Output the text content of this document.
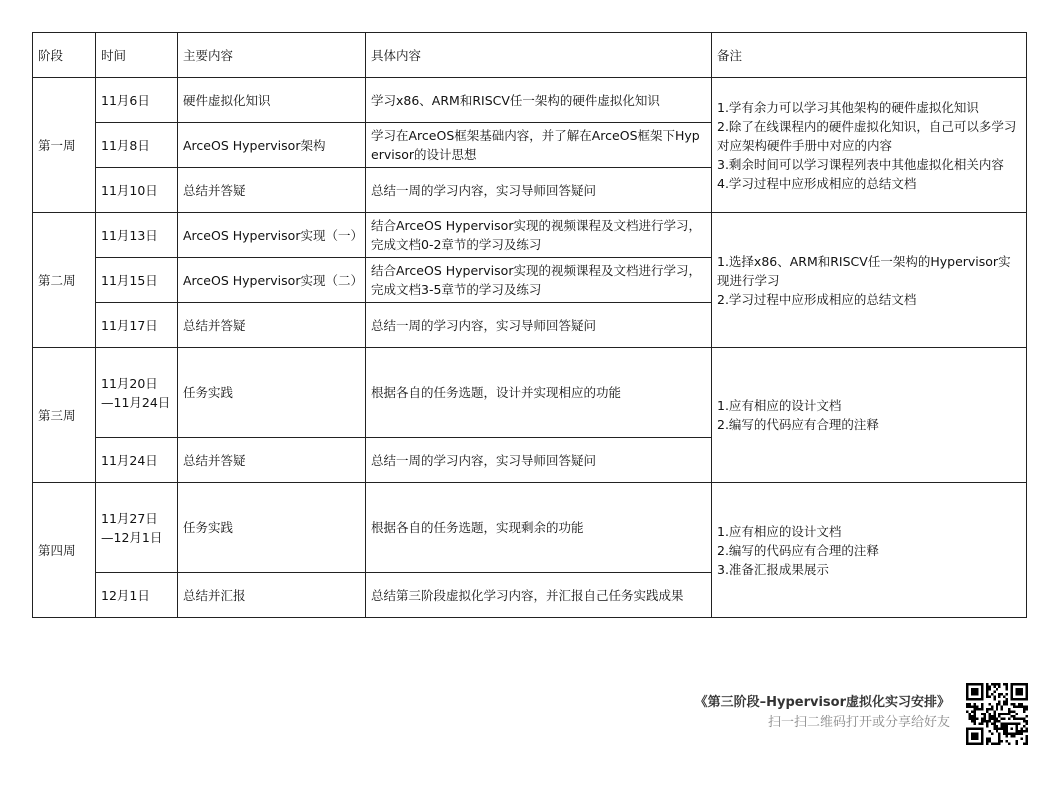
阶段	时间	主要内容	具体内容	备注
第一周	11月6日	硬件虚拟化知识	学习x86、ARM和RISCV任一架构的硬件虚拟化知识	1.学有余力可以学习其他架构的硬件虚拟化知识
2.除了在线课程内的硬件虚拟化知识，自己可以多学习对应架构硬件手册中对应的内容
3.剩余时间可以学习课程列表中其他虚拟化相关内容
4.学习过程中应形成相应的总结文档
	11月8日	ArceOS Hypervisor架构	学习在ArceOS框架基础内容，并了解在ArceOS框架下Hypervisor的设计思想	
	11月10日	总结并答疑	总结一周的学习内容，实习导师回答疑问	
第二周	11月13日	ArceOS Hypervisor实现（一）	结合ArceOS Hypervisor实现的视频课程及文档进行学习，完成文档0-2章节的学习及练习	1.选择x86、ARM和RISCV任一架构的Hypervisor实现进行学习
2.学习过程中应形成相应的总结文档
	11月15日	ArceOS Hypervisor实现（二）	结合ArceOS Hypervisor实现的视频课程及文档进行学习，完成文档3-5章节的学习及练习	
	11月17日	总结并答疑	总结一周的学习内容，实习导师回答疑问	
第三周	11月20日
—11月24日	任务实践	根据各自的任务选题，设计并实现相应的功能	1.应有相应的设计文档
2.编写的代码应有合理的注释
	11月24日	总结并答疑	总结一周的学习内容，实习导师回答疑问	
第四周	11月27日
—12月1日	任务实践	根据各自的任务选题，实现剩余的功能	1.应有相应的设计文档
2.编写的代码应有合理的注释
3.准备汇报成果展示
	12月1日	总结并汇报	总结第三阶段虚拟化学习内容，并汇报自己任务实践成果	
《第三阶段–Hypervisor虚拟化实习安排》
扫一扫二维码打开或分享给好友
